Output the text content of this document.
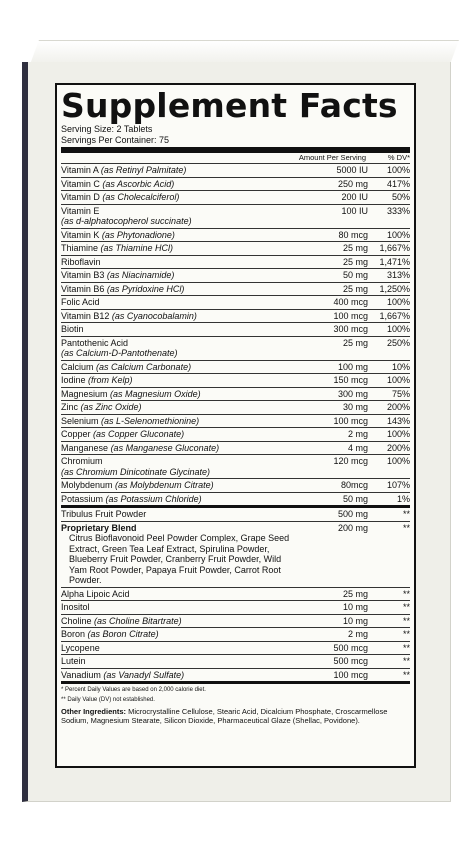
Supplement Facts
Serving Size: 2 Tablets
Servings Per Container: 75
Amount Per Serving	% DV*
Vitamin A (as Retinyl Palmitate)	5000 IU	100%
Vitamin C (as Ascorbic Acid)	250 mg	417%
Vitamin D (as Cholecalciferol)	200 IU	50%
Vitamin E
(as d-alphatocopherol succinate)
100 IU	333%
Vitamin K (as Phytonadione)	80 mcg	100%
Thiamine (as Thiamine HCl)	25 mg	1,667%
Riboflavin	25 mg	1,471%
Vitamin B3 (as Niacinamide)	50 mg	313%
Vitamin B6 (as Pyridoxine HCl)	25 mg	1,250%
Folic Acid	400 mcg	100%
Vitamin B12 (as Cyanocobalamin)	100 mcg	1,667%
Biotin	300 mcg	100%
Pantothenic Acid
(as Calcium-D-Pantothenate)
25 mg	250%
Calcium (as Calcium Carbonate)	100 mg	10%
Iodine (from Kelp)	150 mcg	100%
Magnesium (as Magnesium Oxide)	300 mg	75%
Zinc (as Zinc Oxide)	30 mg	200%
Selenium (as L-Selenomethionine)	100 mcg	143%
Copper (as Copper Gluconate)	2 mg	100%
Manganese (as Manganese Gluconate)	4 mg	200%
Chromium
(as Chromium Dinicotinate Glycinate)
120 mcg	100%
Molybdenum (as Molybdenum Citrate)	80mcg	107%
Potassium (as Potassium Chloride)	50 mg	1%
Tribulus Fruit Powder	500 mg	**
Proprietary Blend
Citrus Bioflavonoid Peel Powder Complex, Grape Seed Extract, Green Tea Leaf Extract, Spirulina Powder, Blueberry Fruit Powder, Cranberry Fruit Powder, Wild Yam Root Powder, Papaya Fruit Powder, Carrot Root Powder.
200 mg	**
Alpha Lipoic Acid	25 mg	**
Inositol	10 mg	**
Choline (as Choline Bitartrate)	10 mg	**
Boron (as Boron Citrate)	2 mg	**
Lycopene	500 mcg	**
Lutein	500 mcg	**
Vanadium (as Vanadyl Sulfate)	100 mcg	**
* Percent Daily Values are based on 2,000 calorie diet.
** Daily Value (DV) not established.
Other Ingredients: Microcrystalline Cellulose, Stearic Acid, Dicalcium Phosphate, Croscarmellose Sodium, Magnesium Stearate, Silicon Dioxide, Pharmaceutical Glaze (Shellac, Povidone).
